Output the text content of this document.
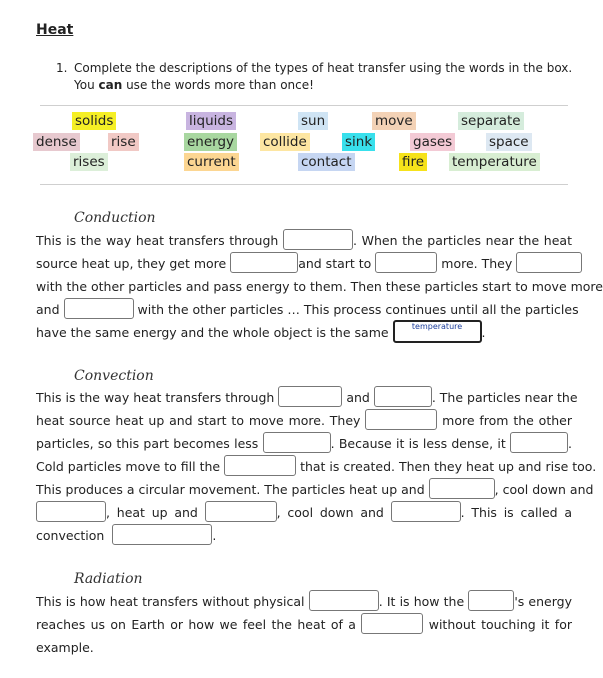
Heat
1. Complete the descriptions of the types of heat transfer using the words in the box. You can use the words more than once!
solids	liquids	sun	move	separate
dense	rise	energy collide	sink	gases	space
rises	current	contact	fire temperature
Conduction
This is the way heat transfers through	. When the particles near the heat
source heat up, they get more	and start to	more. They
with the other particles and pass energy to them. Then these particles start to move more
and	with the other particles … This process continues until all the particles
have the same energy and the whole object is the same	temperature .
Convection
This is the way heat transfers through	and	. The particles near the
heat source heat up and start to move more. They	more from the other
particles, so this part becomes less	. Because it is less dense, it	.
Cold particles move to fill the	that is created. Then they heat up and rise too.
This produces a circular movement. The particles heat up and	, cool down and
, heat up and	, cool down and	. This is called a
convection	.
Radiation
This is how heat transfers without physical	. It is how the	's energy
reaches us on Earth or how we feel the heat of a	without touching it for
example.
